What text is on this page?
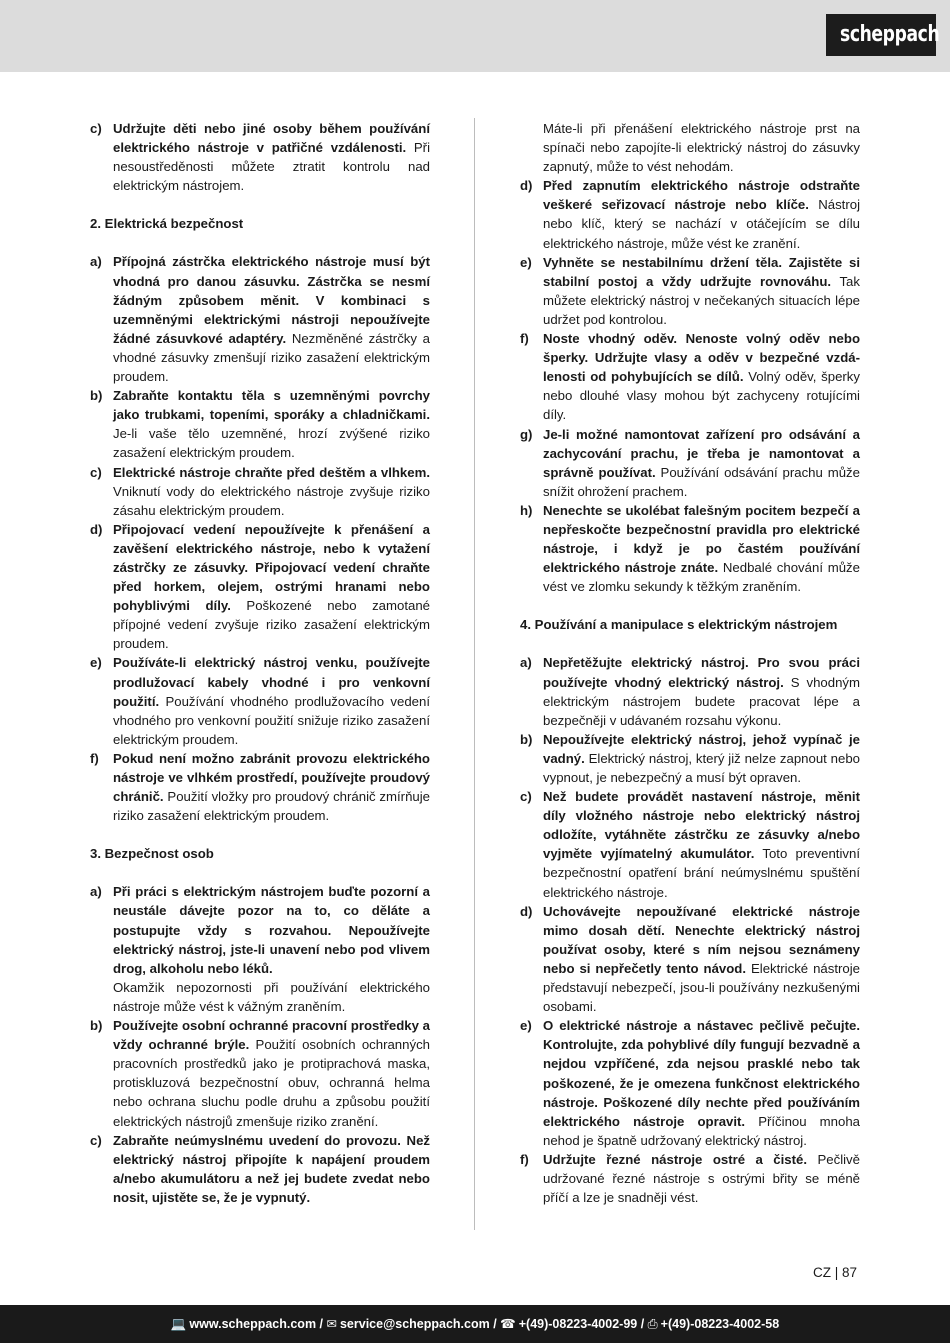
scheppach
c) Udržujte děti nebo jiné osoby během používání elektrického nástroje v patřičné vzdálenosti. Při nesoustředěnosti můžete ztratit kontrolu nad elektrickým nástrojem.
2. Elektrická bezpečnost
a) Přípojná zástrčka elektrického nástroje musí být vhodná pro danou zásuvku. Zástrčka se nesmí žádným způsobem měnit. V kombinaci s uzemněnými elektrickými nástroji nepoužívejte žádné zásuvkové adaptéry. Nezměněné zástrčky a vhodné zásuvky zmenšují riziko zasažení elektrickým proudem.
b) Zabraňte kontaktu těla s uzemněnými povrchy jako trubkami, topeními, sporáky a chladničkami. Je-li vaše tělo uzemněné, hrozí zvýšené riziko zasažení elektrickým proudem.
c) Elektrické nástroje chraňte před deštěm a vlhkem. Vniknutí vody do elektrického nástroje zvyšuje riziko zásahu elektrickým proudem.
d) Připojovací vedení nepoužívejte k přenášení a zavěšení elektrického nástroje, nebo k vytažení zástrčky ze zásuvky. Připojovací vedení chraňte před horkem, olejem, ostrými hranami nebo pohyblivými díly. Poškozené nebo zamotané přípojné vedení zvyšuje riziko zasažení elektrickým proudem.
e) Používáte-li elektrický nástroj venku, používejte prodlužovací kabely vhodné i pro venkovní použití. Používání vhodného prodlužovacího vedení vhodného pro venkovní použití snižuje riziko zasažení elektrickým proudem.
f) Pokud není možno zabránit provozu elektrického nástroje ve vlhkém prostředí, používejte proudový chránič. Použití vložky pro proudový chránič zmírňuje riziko zasažení elektrickým proudem.
3. Bezpečnost osob
a) Při práci s elektrickým nástrojem buďte pozorní a neustále dávejte pozor na to, co děláte a postupujte vždy s rozvahou. Nepoužívejte elektrický nástroj, jste-li unavení nebo pod vlivem drog, alkoholu nebo léků.
Okamžik nepozornosti při používání elektrického nástroje může vést k vážným zraněním.
b) Používejte osobní ochranné pracovní prostředky a vždy ochranné brýle. Použití osobních ochranných pracovních prostředků jako je protiprachová maska, protiskluzová bezpečnostní obuv, ochranná helma nebo ochrana sluchu podle druhu a způsobu použití elektrických nástrojů zmenšuje riziko zranění.
c) Zabraňte neúmyslnému uvedení do provozu. Než elektrický nástroj připojíte k napájení proudem a/nebo akumulátoru a než jej budete zvedat nebo nosit, ujistěte se, že je vypnutý.
Máte-li při přenášení elektrického nástroje prst na spínači nebo zapojíte-li elektrický nástroj do zásuvky zapnutý, může to vést nehodám.
d) Před zapnutím elektrického nástroje odstraňte veškeré seřizovací nástroje nebo klíče. Nástroj nebo klíč, který se nachází v otáčejícím se dílu elektrického nástroje, může vést ke zranění.
e) Vyhněte se nestabilnímu držení těla. Zajistěte si stabilní postoj a vždy udržujte rovnováhu. Tak můžete elektrický nástroj v nečekaných situacích lépe udržet pod kontrolou.
f) Noste vhodný oděv. Nenoste volný oděv nebo šperky. Udržujte vlasy a oděv v bezpečné vzdálenosti od pohybujících se dílů. Volný oděv, šperky nebo dlouhé vlasy mohou být zachyceny rotujícími díly.
g) Je-li možné namontovat zařízení pro odsávání a zachycování prachu, je třeba je namontovat a správně používat. Používání odsávání prachu může snížit ohrožení prachem.
h) Nenechte se ukolébat falešným pocitem bezpečí a nepřeskočte bezpečnostní pravidla pro elektrické nástroje, i když je po častém používání elektrického nástroje znáte. Nedbalé chování může vést ve zlomku sekundy k těžkým zraněním.
4. Používání a manipulace s elektrickým nástrojem
a) Nepřetěžujte elektrický nástroj. Pro svou práci používejte vhodný elektrický nástroj. S vhodným elektrickým nástrojem budete pracovat lépe a bezpečněji v udávaném rozsahu výkonu.
b) Nepoužívejte elektrický nástroj, jehož vypínač je vadný. Elektrický nástroj, který již nelze zapnout nebo vypnout, je nebezpečný a musí být opraven.
c) Než budete provádět nastavení nástroje, měnit díly vložného nástroje nebo elektrický nástroj odložíte, vytáhněte zástrčku ze zásuvky a/nebo vyjměte vyjímatelný akumulátor. Toto preventivní bezpečnostní opatření brání neúmyslnému spuštění elektrického nástroje.
d) Uchovávejte nepoužívané elektrické nástroje mimo dosah dětí. Nenechte elektrický nástroj používat osoby, které s ním nejsou seznámeny nebo si nepřečetly tento návod. Elektrické nástroje představují nebezpečí, jsou-li používány nezkušenými osobami.
e) O elektrické nástroje a nástavec pečlivě pečujte. Kontrolujte, zda pohyblivé díly fungují bezvadně a nejdou vzpříčené, zda nejsou prasklé nebo tak poškozené, že je omezena funkčnost elektrického nástroje. Poškozené díly nechte před používáním elektrického nástroje opravit. Příčinou mnoha nehod je špatně udržovaný elektrický nástroj.
f) Udržujte řezné nástroje ostré a čisté. Pečlivě udržované řezné nástroje s ostrými břity se méně příčí a lze je snadněji vést.
CZ | 87
💻 www.scheppach.com / ✉ service@scheppach.com / ☎ +(49)-08223-4002-99 / ⎙ +(49)-08223-4002-58
